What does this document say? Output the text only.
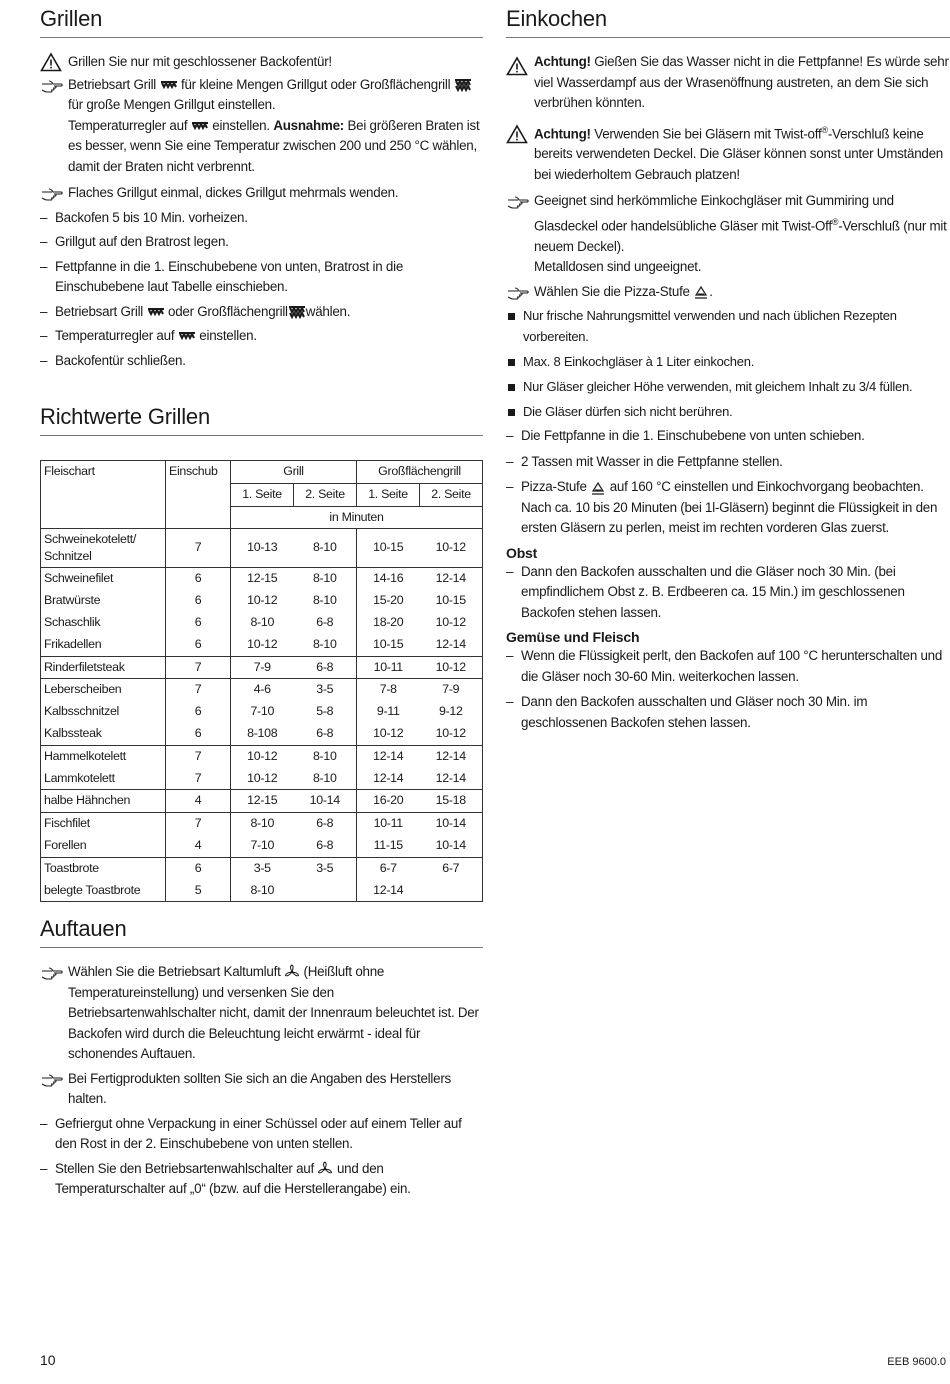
Grillen
Grillen Sie nur mit geschlossener Backofentür!
Betriebsart Grill für kleine Mengen Grillgut oder Großflächengrill
für große Mengen Grillgut einstellen.
Temperaturregler auf einstellen. Ausnahme: Bei größeren Braten ist es besser, wenn Sie eine Temperatur zwischen 200 und 250 °C wählen, damit der Braten nicht verbrennt.
Flaches Grillgut einmal, dickes Grillgut mehrmals wenden.
– Backofen 5 bis 10 Min. vorheizen.
– Grillgut auf den Bratrost legen.
– Fettpfanne in die 1. Einschubebene von unten, Bratrost in die Einschubebene laut Tabelle einschieben.
– Betriebsart Grill oder Großflächengrill wählen.
– Temperaturregler auf einstellen.
– Backofentür schließen.
Richtwerte Grillen
Auftauen
Wählen Sie die Betriebsart Kaltumluft (Heißluft ohne Temperatureinstellung) und versenken Sie den Betriebsartenwahlschalter nicht, damit der Innenraum beleuchtet ist. Der Backofen wird durch die Beleuchtung leicht erwärmt - ideal für schonendes Auftauen.
Bei Fertigprodukten sollten Sie sich an die Angaben des Herstellers halten.
– Gefriergut ohne Verpackung in einer Schüssel oder auf einem Teller auf den Rost in der 2. Einschubebene von unten stellen.
– Stellen Sie den Betriebsartenwahlschalter auf und den Temperaturschalter auf „0“ (bzw. auf die Herstellerangabe) ein.
Fleischart	Einschub	Grill		Großflächengrill	
		1. Seite	2. Seite	1. Seite	2. Seite
		in Minuten			
Schweinekotelett/ Schnitzel	7	10-13	8-10	10-15	10-12
Schweinefilet	6	12-15	8-10	14-16	12-14
Bratwürste	6	10-12	8-10	15-20	10-15
Schaschlik	6	8-10	6-8	18-20	10-12
Frikadellen	6	10-12	8-10	10-15	12-14
Rinderfiletsteak	7	7-9	6-8	10-11	10-12
Leberscheiben	7	4-6	3-5	7-8	7-9
Kalbsschnitzel	6	7-10	5-8	9-11	9-12
Kalbssteak	6	8-108	6-8	10-12	10-12
Hammelkotelett	7	10-12	8-10	12-14	12-14
Lammkotelett	7	10-12	8-10	12-14	12-14
halbe Hähnchen	4	12-15	10-14	16-20	15-18
Fischfilet	7	8-10	6-8	10-11	10-14
Forellen	4	7-10	6-8	11-15	10-14
Toastbrote	6	3-5	3-5	6-7	6-7
belegte Toastbrote	5	8-10		12-14	
Einkochen
Achtung! Gießen Sie das Wasser nicht in die Fettpfanne! Es würde sehr viel Wasserdampf aus der Wrasenöffnung austreten, an dem Sie sich verbrühen könnten.
Achtung! Verwenden Sie bei Gläsern mit Twist-off®-Verschluß keine bereits verwendeten Deckel. Die Gläser können sonst unter Umständen bei wiederholtem Gebrauch platzen!
Geeignet sind herkömmliche Einkochgläser mit Gummiring und Glasdeckel oder handelsübliche Gläser mit Twist-Off®-Verschluß (nur mit neuem Deckel).
Metalldosen sind ungeeignet.
Wählen Sie die Pizza-Stufe .
Nur frische Nahrungsmittel verwenden und nach üblichen Rezepten vorbereiten.
Max. 8 Einkochgläser à 1 Liter einkochen.
Nur Gläser gleicher Höhe verwenden, mit gleichem Inhalt zu 3/4 füllen.
Die Gläser dürfen sich nicht berühren.
– Die Fettpfanne in die 1. Einschubebene von unten schieben.
– 2 Tassen mit Wasser in die Fettpfanne stellen.
– Pizza-Stufe auf 160 °C einstellen und Einkochvorgang beobachten.
Nach ca. 10 bis 20 Minuten (bei 1l-Gläsern) beginnt die Flüssigkeit in den ersten Gläsern zu perlen, meist im rechten vorderen Glas zuerst.
Obst
– Dann den Backofen ausschalten und die Gläser noch 30 Min. (bei empfindlichem Obst z. B. Erdbeeren ca. 15 Min.) im geschlossenen Backofen stehen lassen.
Gemüse und Fleisch
– Wenn die Flüssigkeit perlt, den Backofen auf 100 °C herunterschalten und die Gläser noch 30-60 Min. weiterkochen lassen.
– Dann den Backofen ausschalten und Gläser noch 30 Min. im geschlossenen Backofen stehen lassen.
10	EEB 9600.0
